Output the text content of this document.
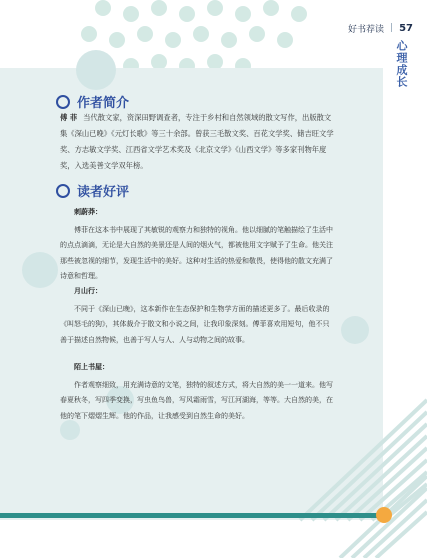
好书荐读 | 57
心理成长
作者简介
傅 菲 当代散文家，资深田野调查者，专注于乡村和自然领域的散文写作，出版散文集《深山已晚》《元灯长歌》等三十余部。曾获三毛散文奖、百花文学奖、储吉旺文学奖、方志敏文学奖、江西省文学艺术奖及《北京文学》《山西文学》等多家刊物年度奖，入选美善文学双年榜。
读者好评
刺蔚莽：
傅菲在这本书中展现了其敏锐的观察力和独特的视角。他以细腻的笔触描绘了生活中的点点滴滴，无论是大自然的美景还是人间的烟火气，都被他用文字赋予了生命。他关注那些被忽视的细节，发现生活中的美好。这种对生活的热爱和敬畏，使得他的散文充满了诗意和哲理。
月山行：
不同于《深山已晚》，这本新作在生态保护和生物学方面的描述更多了。最后收录的《叫怒毛的狗》，其体裁介于散文和小说之间，让我印象深刻。傅菲喜欢用短句，他不只善于描述自然物候，也善于写人与人、人与动物之间的故事。
陌上书屋：
作者观察细致，用充满诗意的文笔，独特的叙述方式，将大自然的美一一道来。他写春夏秋冬，写四季变换，写虫鱼鸟兽，写风霜雨雪，写江河湖海，等等。大自然的美，在他的笔下熠熠生辉。他的作品，让我感受到自然生命的美好。
